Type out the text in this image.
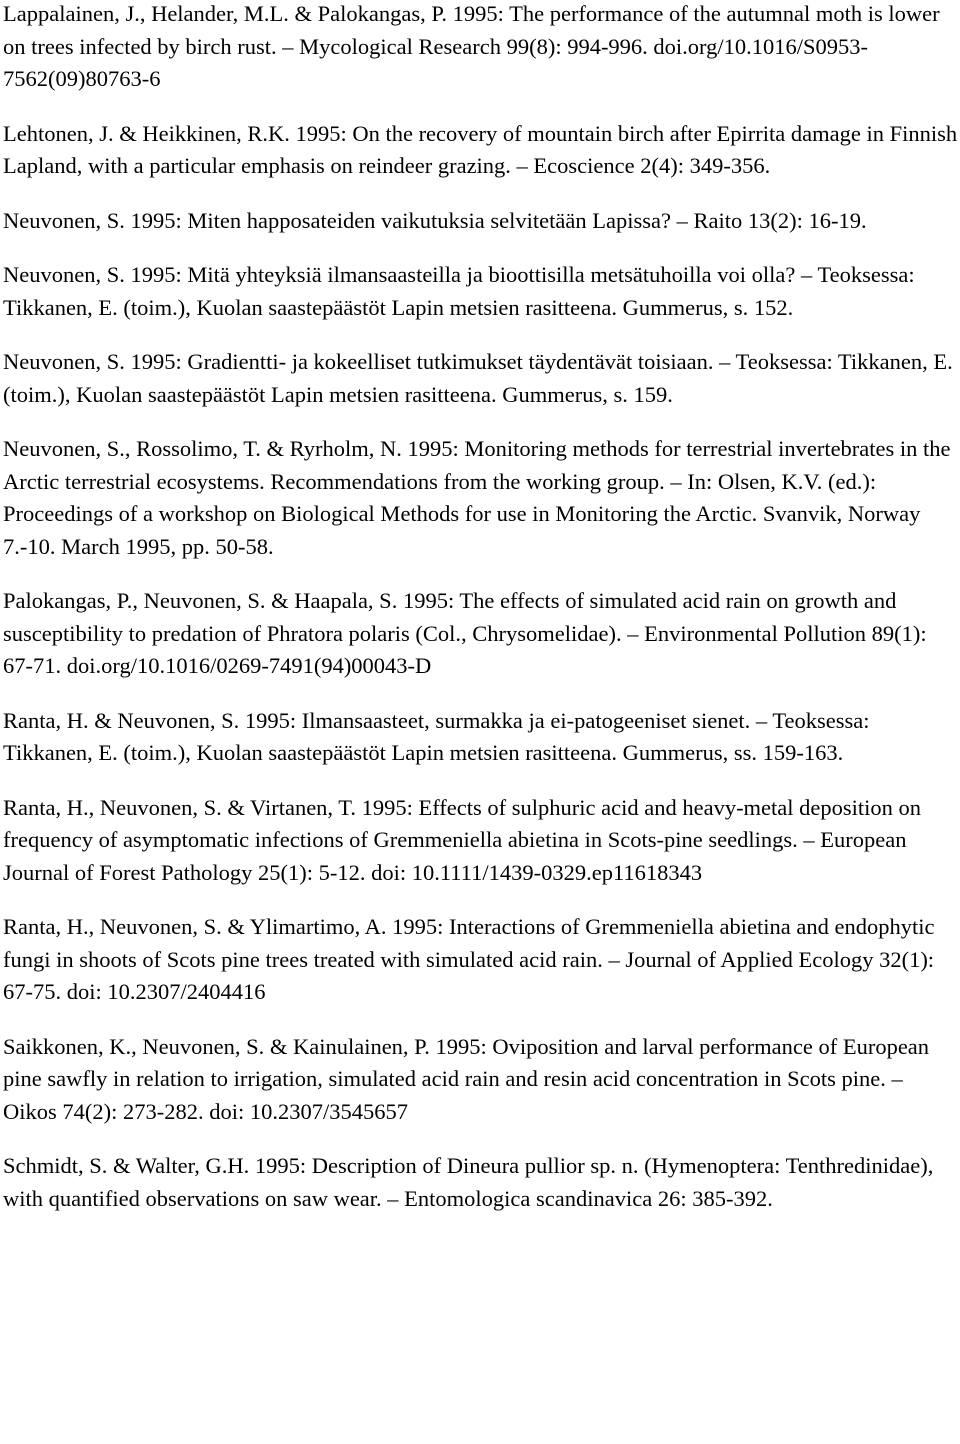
Lappalainen, J., Helander, M.L. & Palokangas, P. 1995: The performance of the autumnal moth is lower on trees infected by birch rust. – Mycological Research 99(8): 994-996. doi.org/10.1016/S0953-7562(09)80763-6

Lehtonen, J. & Heikkinen, R.K. 1995: On the recovery of mountain birch after Epirrita damage in Finnish Lapland, with a particular emphasis on reindeer grazing. – Ecoscience 2(4): 349-356.

Neuvonen, S. 1995: Miten happosateiden vaikutuksia selvitetään Lapissa? – Raito 13(2): 16-19.

Neuvonen, S. 1995: Mitä yhteyksiä ilmansaasteilla ja bioottisilla metsätuhoilla voi olla? – Teoksessa: Tikkanen, E. (toim.), Kuolan saastepäästöt Lapin metsien rasitteena. Gummerus, s. 152.

Neuvonen, S. 1995: Gradientti- ja kokeelliset tutkimukset täydentävät toisiaan. – Teoksessa: Tikkanen, E. (toim.), Kuolan saastepäästöt Lapin metsien rasitteena. Gummerus, s. 159.

Neuvonen, S., Rossolimo, T. & Ryrholm, N. 1995: Monitoring methods for terrestrial invertebrates in the Arctic terrestrial ecosystems. Recommendations from the working group. – In: Olsen, K.V. (ed.): Proceedings of a workshop on Biological Methods for use in Monitoring the Arctic. Svanvik, Norway 7.-10. March 1995, pp. 50-58.

Palokangas, P., Neuvonen, S. & Haapala, S. 1995: The effects of simulated acid rain on growth and susceptibility to predation of Phratora polaris (Col., Chrysomelidae). – Environmental Pollution 89(1): 67-71. doi.org/10.1016/0269-7491(94)00043-D

Ranta, H. & Neuvonen, S. 1995: Ilmansaasteet, surmakka ja ei-patogeeniset sienet. – Teoksessa: Tikkanen, E. (toim.), Kuolan saastepäästöt Lapin metsien rasitteena. Gummerus, ss. 159-163.

Ranta, H., Neuvonen, S. & Virtanen, T. 1995: Effects of sulphuric acid and heavy-metal deposition on frequency of asymptomatic infections of Gremmeniella abietina in Scots-pine seedlings. – European Journal of Forest Pathology 25(1): 5-12. doi: 10.1111/1439-0329.ep11618343

Ranta, H., Neuvonen, S. & Ylimartimo, A. 1995: Interactions of Gremmeniella abietina and endophytic fungi in shoots of Scots pine trees treated with simulated acid rain. – Journal of Applied Ecology 32(1): 67-75. doi: 10.2307/2404416

Saikkonen, K., Neuvonen, S. & Kainulainen, P. 1995: Oviposition and larval performance of European pine sawfly in relation to irrigation, simulated acid rain and resin acid concentration in Scots pine. – Oikos 74(2): 273-282. doi: 10.2307/3545657

Schmidt, S. & Walter, G.H. 1995: Description of Dineura pullior sp. n. (Hymenoptera: Tenthredinidae), with quantified observations on saw wear. – Entomologica scandinavica 26: 385-392.
